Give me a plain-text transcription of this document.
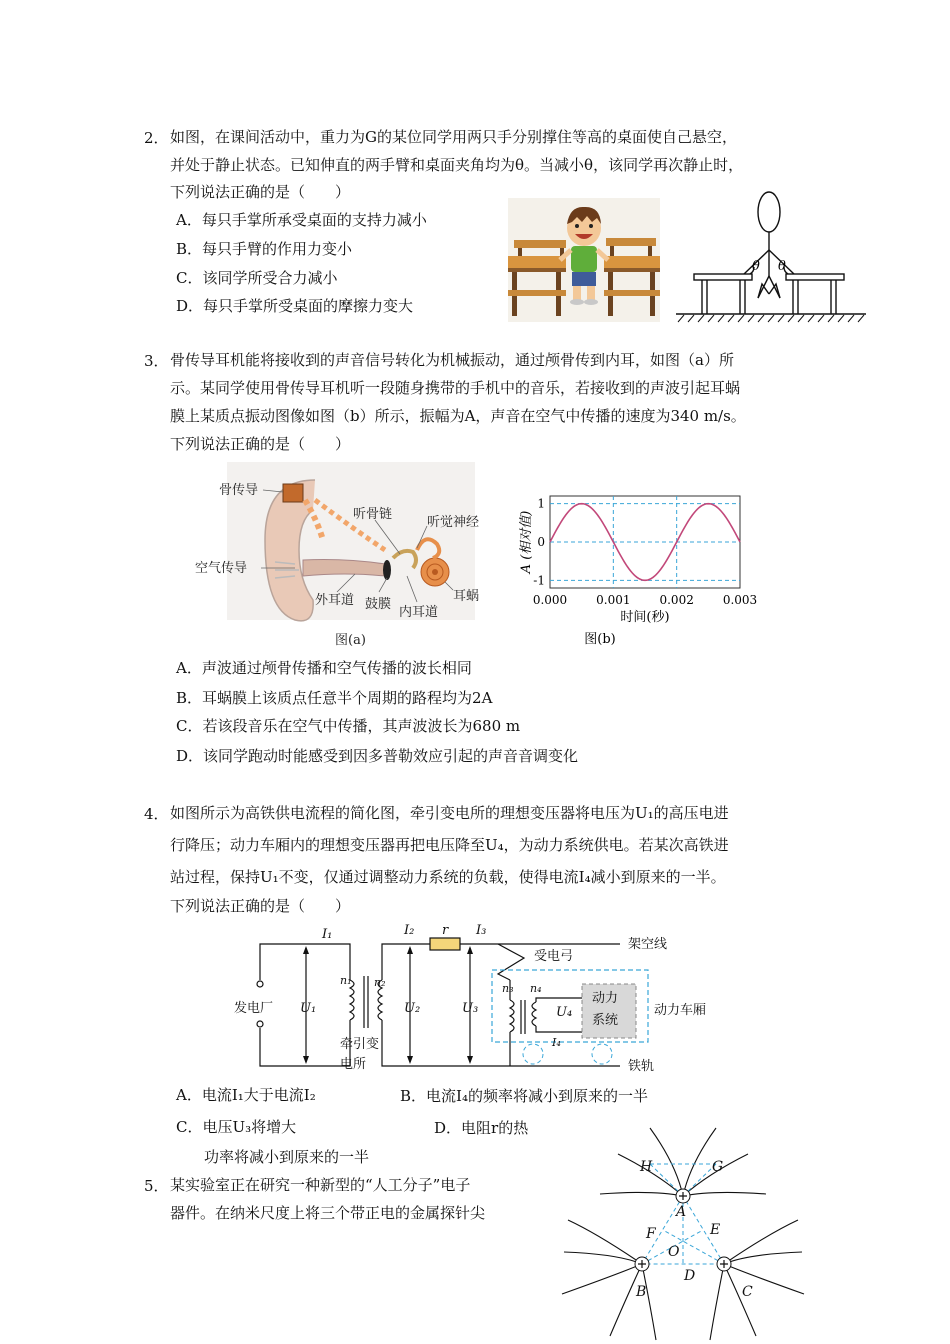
2． 如图，在课间活动中，重力为G的某位同学用两只手分别撑住等高的桌面使自己悬空，
并处于静止状态。已知伸直的两手臂和桌面夹角均为θ。当减小θ，该同学再次静止时，
下列说法正确的是（　　）
A．每只手掌所承受桌面的支持力减小
B．每只手臂的作用力变小
C．该同学所受合力减小
D．每只手掌所受桌面的摩擦力变大
θ θ
3． 骨传导耳机能将接收到的声音信号转化为机械振动，通过颅骨传到内耳，如图（a）所
示。某同学使用骨传导耳机听一段随身携带的手机中的音乐，若接收到的声波引起耳蜗
膜上某质点振动图像如图（b）所示，振幅为A，声音在空气中传播的速度为340 m/s。
下列说法正确的是（　　）
骨传导
听骨链
听觉神经
空气传导
外耳道 鼓膜
内耳道
耳蜗
图(a)
1
0
-1
0.000 0.001 0.002 0.003
A (相对值)
时间(秒)
图(b)
A．声波通过颅骨传播和空气传播的波长相同
B．耳蜗膜上该质点任意半个周期的路程均为2A
C．若该段音乐在空气中传播，其声波波长为680 m
D．该同学跑动时能感受到因多普勒效应引起的声音音调变化
4． 如图所示为高铁供电流程的简化图，牵引变电所的理想变压器将电压为U₁的高压电进
行降压；动力车厢内的理想变压器再把电压降至U₄，为动力系统供电。若某次高铁进
站过程，保持U₁不变，仅通过调整动力系统的负载，使得电流I₄减小到原来的一半。
下列说法正确的是（　　）
I₁	I₂ r I₃
架空线
受电弓
n₁ n₂	n₃ n₄
发电厂 U₁	U₂	U₃	U₄
动力
系统
动力车厢
牵引变
电所
I₄
铁轨
A．电流I₁大于电流I₂	B．电流I₄的频率将减小到原来的一半
C．电压U₃将增大	D．电阻r的热
功率将减小到原来的一半
5． 某实验室正在研究一种新型的“人工分子”电子
器件。在纳米尺度上将三个带正电的金属探针尖
H	G
A
F	E
O
D
B	C
